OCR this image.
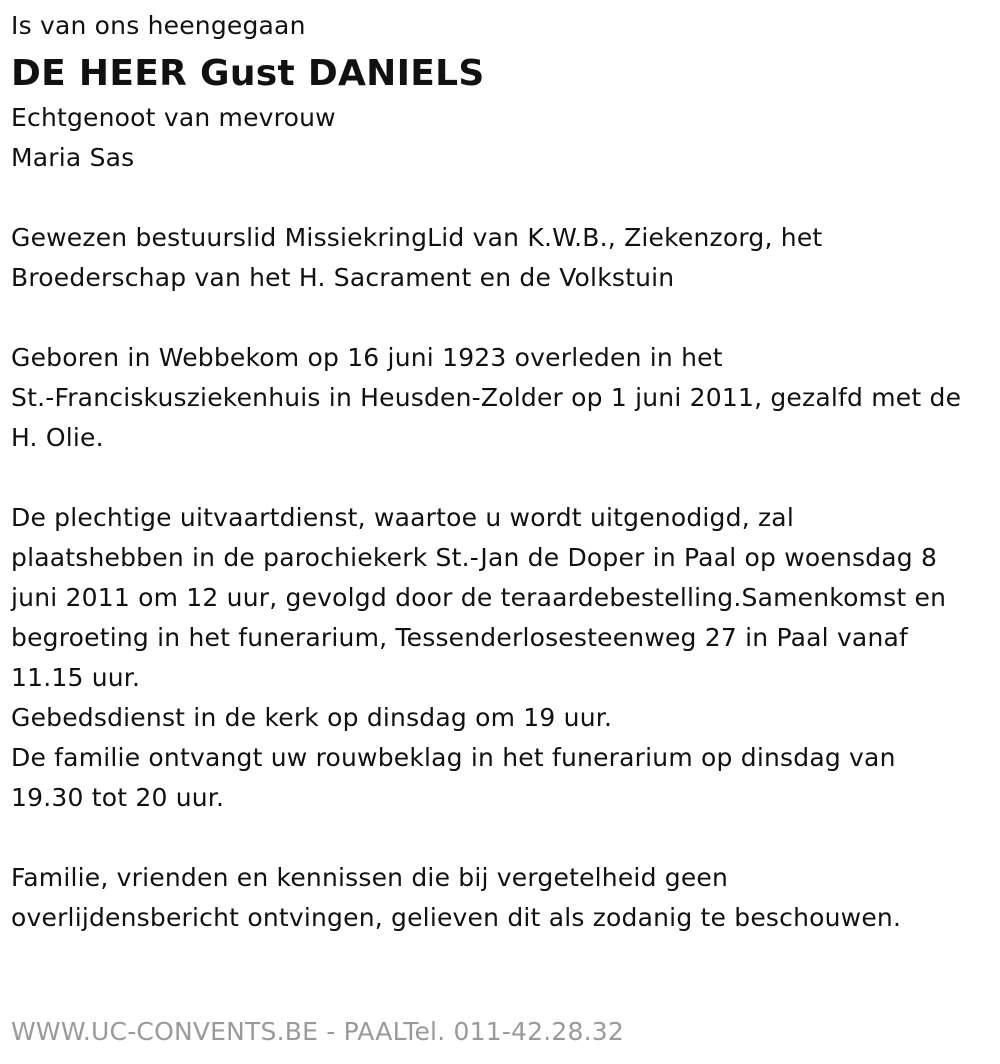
Is van ons heengegaan

DE HEER Gust DANIELS
Echtgenoot van mevrouw
Maria Sas
Gewezen bestuurslid MissiekringLid van K.W.B., Ziekenzorg, het
Broederschap van het H. Sacrament en de Volkstuin
Geboren in Webbekom op 16 juni 1923 overleden in het
St.-Franciskusziekenhuis in Heusden-Zolder op 1 juni 2011, gezalfd met de
H. Olie.
De plechtige uitvaartdienst, waartoe u wordt uitgenodigd, zal
plaatshebben in de parochiekerk St.-Jan de Doper in Paal op woensdag 8
juni 2011 om 12 uur, gevolgd door de teraardebestelling.Samenkomst en
begroeting in het funerarium, Tessenderlosesteenweg 27 in Paal vanaf
11.15 uur.
Gebedsdienst in de kerk op dinsdag om 19 uur.
De familie ontvangt uw rouwbeklag in het funerarium op dinsdag van
19.30 tot 20 uur.
Familie, vrienden en kennissen die bij vergetelheid geen
overlijdensbericht ontvingen, gelieven dit als zodanig te beschouwen.
WWW.UC-CONVENTS.BE - PAALTel. 011-42.28.32
